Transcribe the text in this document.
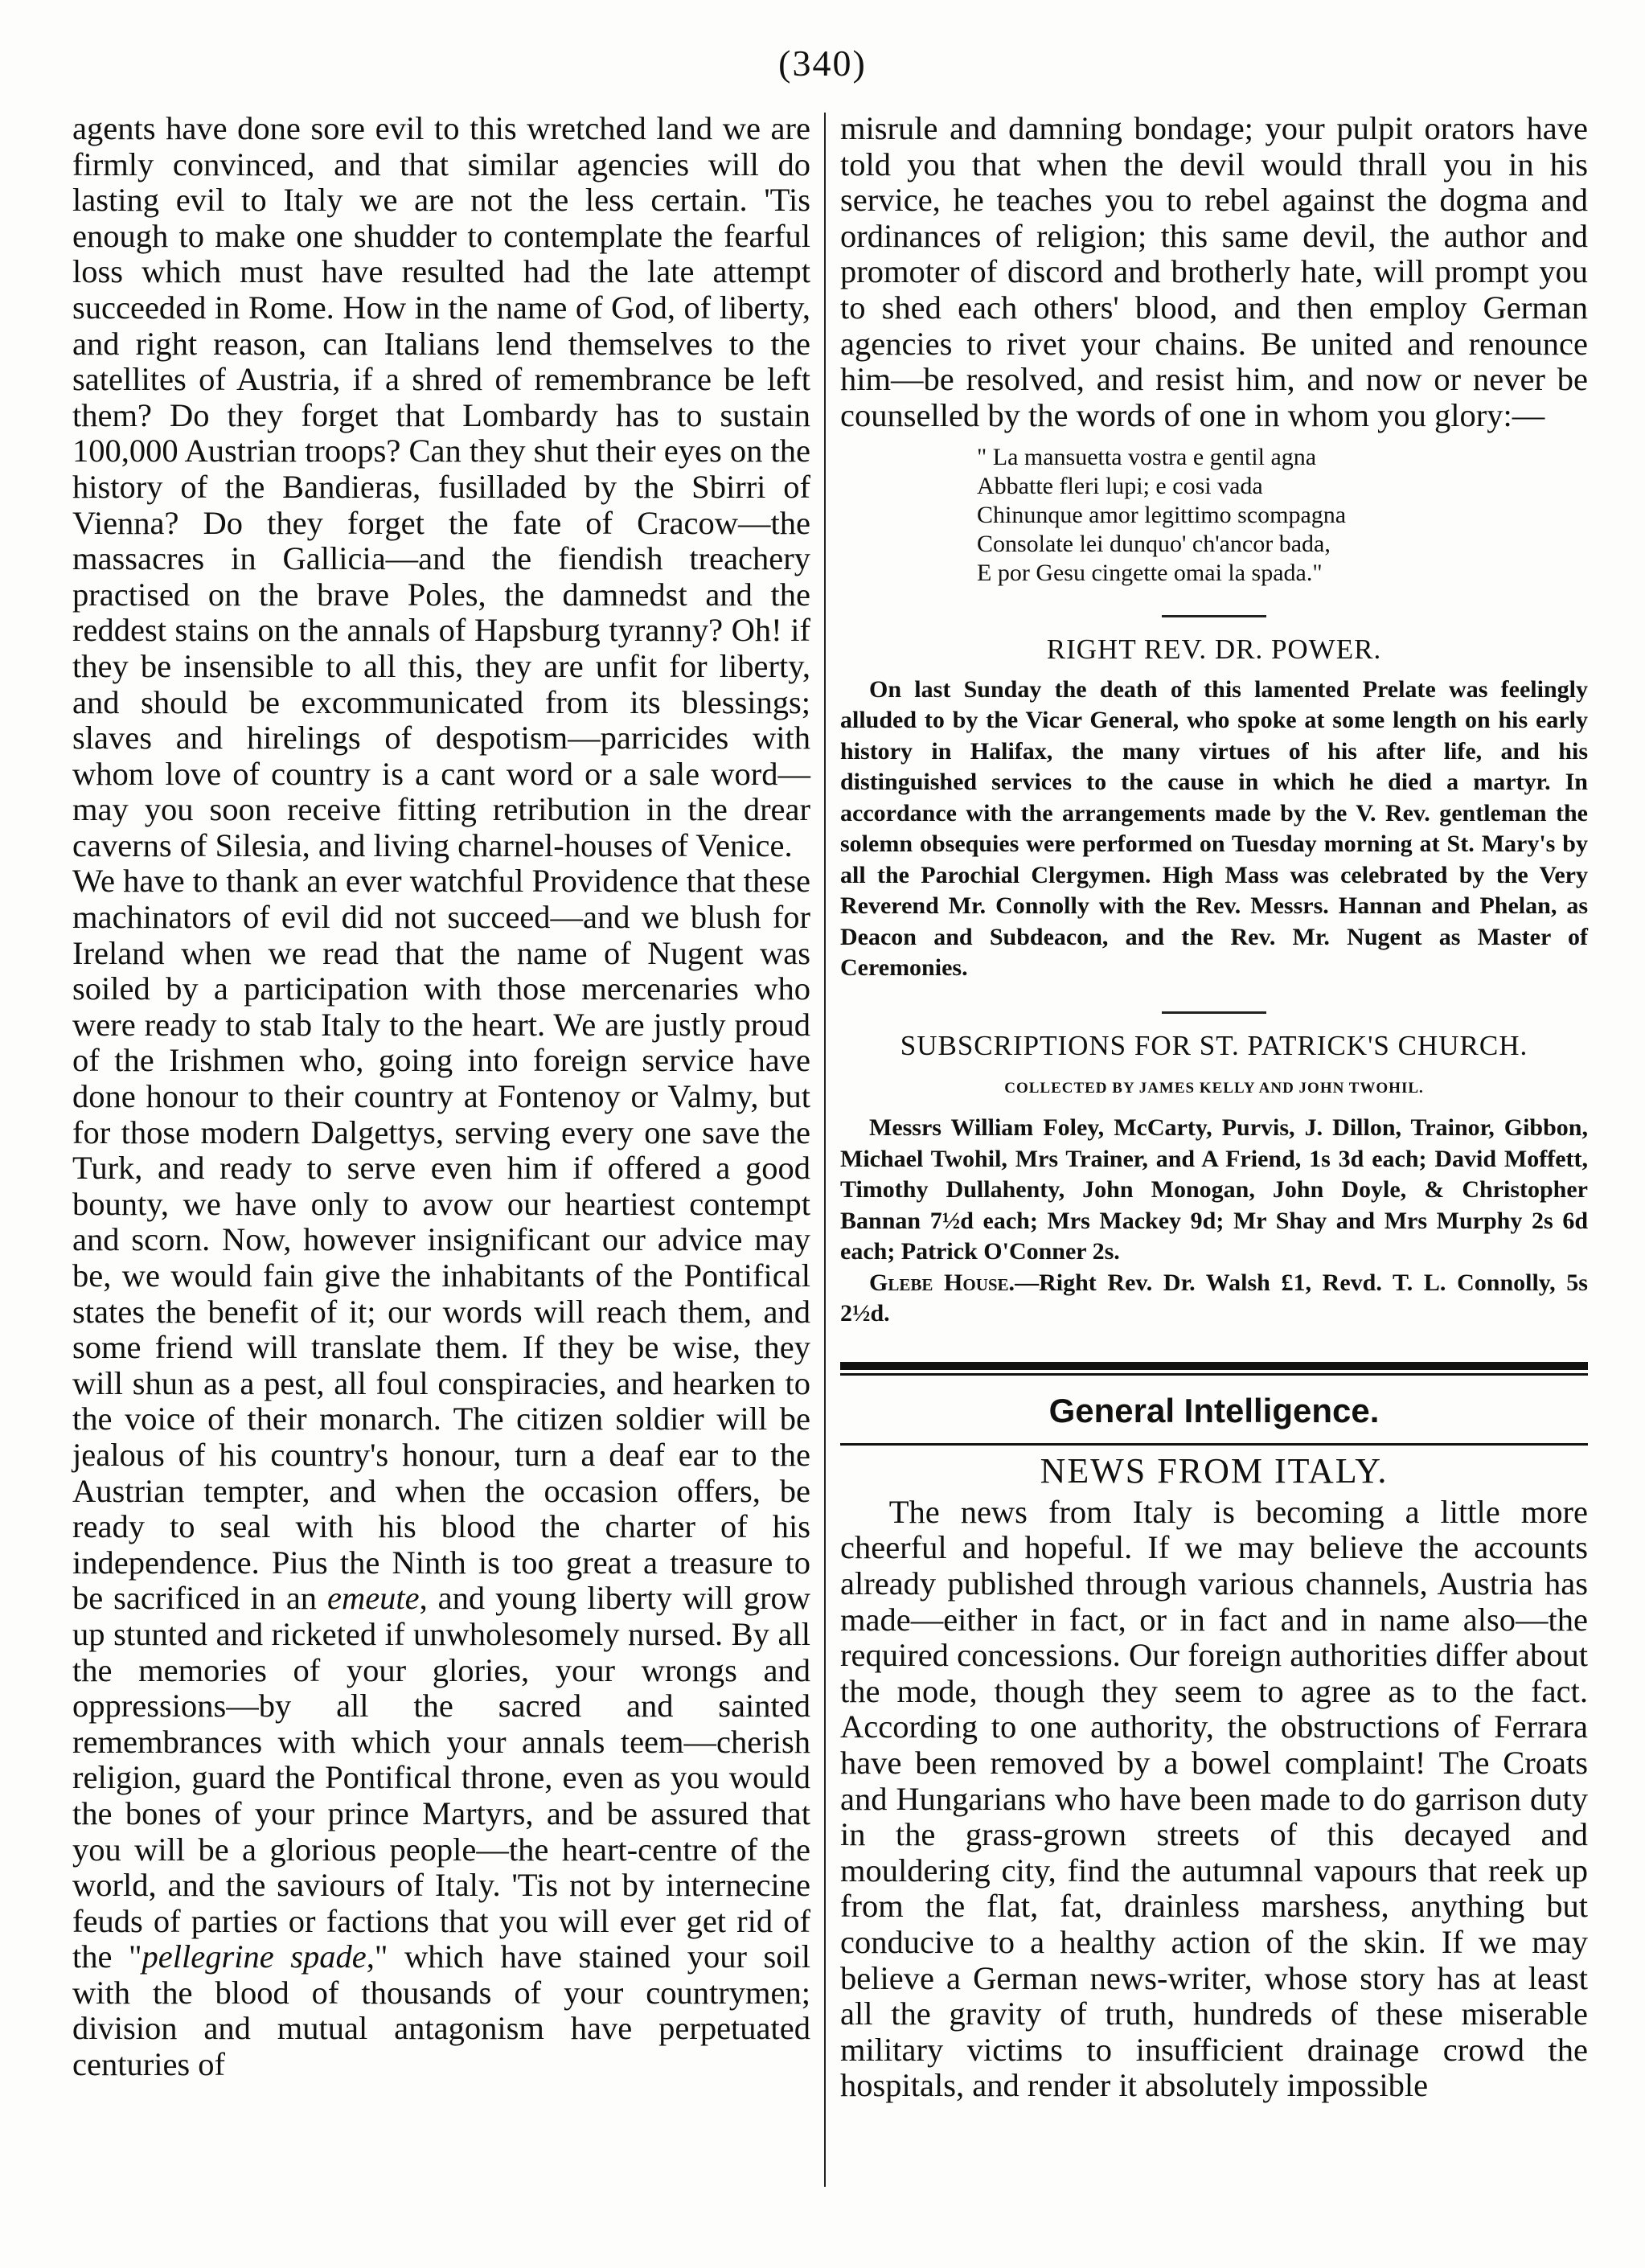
(340)

agents have done sore evil to this wretched land we are firmly convinced, and that similar agencies will do lasting evil to Italy we are not the less certain. 'Tis enough to make one shudder to contemplate the fearful loss which must have resulted had the late attempt succeeded in Rome. How in the name of God, of liberty, and right reason, can Italians lend themselves to the satellites of Austria, if a shred of remembrance be left them? Do they forget that Lombardy has to sustain 100,000 Austrian troops? Can they shut their eyes on the history of the Bandieras, fusilladed by the Sbirri of Vienna? Do they forget the fate of Cracow—the massacres in Gallicia—and the fiendish treachery practised on the brave Poles, the damnedst and the reddest stains on the annals of Hapsburg tyranny? Oh! if they be insensible to all this, they are unfit for liberty, and should be excommunicated from its blessings; slaves and hirelings of despotism—parricides with whom love of country is a cant word or a sale word—may you soon receive fitting retribution in the drear caverns of Silesia, and living charnel-houses of Venice.

We have to thank an ever watchful Providence that these machinators of evil did not succeed—and we blush for Ireland when we read that the name of Nugent was soiled by a participation with those mercenaries who were ready to stab Italy to the heart. We are justly proud of the Irishmen who, going into foreign service have done honour to their country at Fontenoy or Valmy, but for those modern Dalgettys, serving every one save the Turk, and ready to serve even him if offered a good bounty, we have only to avow our heartiest contempt and scorn. Now, however insignificant our advice may be, we would fain give the inhabitants of the Pontifical states the benefit of it; our words will reach them, and some friend will translate them. If they be wise, they will shun as a pest, all foul conspiracies, and hearken to the voice of their monarch. The citizen soldier will be jealous of his country's honour, turn a deaf ear to the Austrian tempter, and when the occasion offers, be ready to seal with his blood the charter of his independence. Pius the Ninth is too great a treasure to be sacrificed in an emeute, and young liberty will grow up stunted and ricketed if unwholesomely nursed. By all the memories of your glories, your wrongs and oppressions—by all the sacred and sainted remembrances with which your annals teem—cherish religion, guard the Pontifical throne, even as you would the bones of your prince Martyrs, and be assured that you will be a glorious people—the heart-centre of the world, and the saviours of Italy. 'Tis not by internecine feuds of parties or factions that you will ever get rid of the "pellegrine spade," which have stained your soil with the blood of thousands of your countrymen; division and mutual antagonism have perpetuated centuries of

misrule and damning bondage; your pulpit orators have told you that when the devil would thrall you in his service, he teaches you to rebel against the dogma and ordinances of religion; this same devil, the author and promoter of discord and brotherly hate, will prompt you to shed each others' blood, and then employ German agencies to rivet your chains. Be united and renounce him—be resolved, and resist him, and now or never be counselled by the words of one in whom you glory:—

" La mansuetta vostra e gentil agna
Abbatte fleri lupi; e cosi vada
Chinunque amor legittimo scompagna
Consolate lei dunquo' ch'ancor bada,
E por Gesu cingette omai la spada."
RIGHT REV. DR. POWER.

On last Sunday the death of this lamented Prelate was feelingly alluded to by the Vicar General, who spoke at some length on his early history in Halifax, the many virtues of his after life, and his distinguished services to the cause in which he died a martyr. In accordance with the arrangements made by the V. Rev. gentleman the solemn obsequies were performed on Tuesday morning at St. Mary's by all the Parochial Clergymen. High Mass was celebrated by the Very Reverend Mr. Connolly with the Rev. Messrs. Hannan and Phelan, as Deacon and Subdeacon, and the Rev. Mr. Nugent as Master of Ceremonies.

SUBSCRIPTIONS FOR ST. PATRICK'S CHURCH.
COLLECTED BY JAMES KELLY AND JOHN TWOHIL.

Messrs William Foley, McCarty, Purvis, J. Dillon, Trainor, Gibbon, Michael Twohil, Mrs Trainer, and A Friend, 1s 3d each; David Moffett, Timothy Dullahenty, John Monogan, John Doyle, & Christopher Bannan 7½d each; Mrs Mackey 9d; Mr Shay and Mrs Murphy 2s 6d each; Patrick O'Conner 2s.

Glebe House.—Right Rev. Dr. Walsh £1, Revd. T. L. Connolly, 5s 2½d.

General Intelligence.
NEWS FROM ITALY.

The news from Italy is becoming a little more cheerful and hopeful. If we may believe the accounts already published through various channels, Austria has made—either in fact, or in fact and in name also—the required concessions. Our foreign authorities differ about the mode, though they seem to agree as to the fact. According to one authority, the obstructions of Ferrara have been removed by a bowel complaint! The Croats and Hungarians who have been made to do garrison duty in the grass-grown streets of this decayed and mouldering city, find the autumnal vapours that reek up from the flat, fat, drainless marshess, anything but conducive to a healthy action of the skin. If we may believe a German news-writer, whose story has at least all the gravity of truth, hundreds of these miserable military victims to insufficient drainage crowd the hospitals, and render it absolutely impossible
